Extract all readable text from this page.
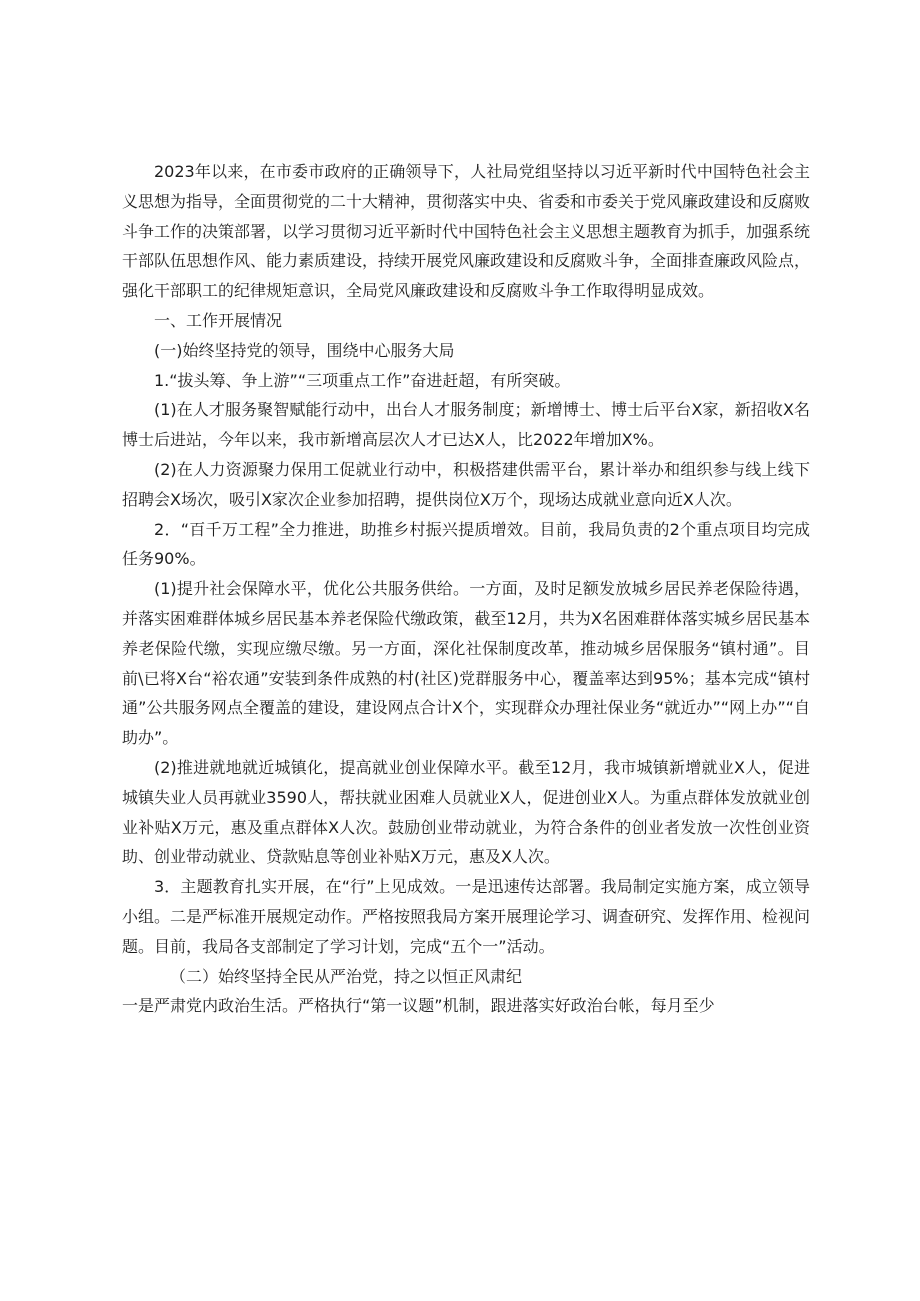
2023年以来，在市委市政府的正确领导下，人社局党组坚持以习近平新时代中国特色社会主义思想为指导，全面贯彻党的二十大精神，贯彻落实中央、省委和市委关于党风廉政建设和反腐败斗争工作的决策部署，以学习贯彻习近平新时代中国特色社会主义思想主题教育为抓手，加强系统干部队伍思想作风、能力素质建设，持续开展党风廉政建设和反腐败斗争，全面排查廉政风险点，强化干部职工的纪律规矩意识，全局党风廉政建设和反腐败斗争工作取得明显成效。

一、工作开展情况

(一)始终坚持党的领导，围绕中心服务大局

1.“拔头筹、争上游”“三项重点工作”奋进赶超，有所突破。

(1)在人才服务聚智赋能行动中，出台人才服务制度；新增博士、博士后平台X家，新招收X名博士后进站，今年以来，我市新增高层次人才已达X人，比2022年增加X%。

(2)在人力资源聚力保用工促就业行动中，积极搭建供需平台，累计举办和组织参与线上线下招聘会X场次，吸引X家次企业参加招聘，提供岗位X万个，现场达成就业意向近X人次。

2．“百千万工程”全力推进，助推乡村振兴提质增效。目前，我局负责的2个重点项目均完成任务90%。

(1)提升社会保障水平，优化公共服务供给。一方面，及时足额发放城乡居民养老保险待遇，并落实困难群体城乡居民基本养老保险代缴政策，截至12月，共为X名困难群体落实城乡居民基本养老保险代缴，实现应缴尽缴。另一方面，深化社保制度改革，推动城乡居保服务“镇村通”。目前\已将X台“裕农通”安装到条件成熟的村(社区)党群服务中心，覆盖率达到95%；基本完成“镇村通”公共服务网点全覆盖的建设，建设网点合计X个，实现群众办理社保业务“就近办”“网上办”“自助办”。

(2)推进就地就近城镇化，提高就业创业保障水平。截至12月，我市城镇新增就业X人，促进城镇失业人员再就业3590人，帮扶就业困难人员就业X人，促进创业X人。为重点群体发放就业创业补贴X万元，惠及重点群体X人次。鼓励创业带动就业，为符合条件的创业者发放一次性创业资助、创业带动就业、贷款贴息等创业补贴X万元，惠及X人次。

3．主题教育扎实开展，在“行”上见成效。一是迅速传达部署。我局制定实施方案，成立领导小组。二是严标准开展规定动作。严格按照我局方案开展理论学习、调查研究、发挥作用、检视问题。目前，我局各支部制定了学习计划，完成“五个一”活动。

（二）始终坚持全民从严治党，持之以恒正风肃纪

一是严肃党内政治生活。严格执行“第一议题”机制，跟进落实好政治台帐，每月至少
